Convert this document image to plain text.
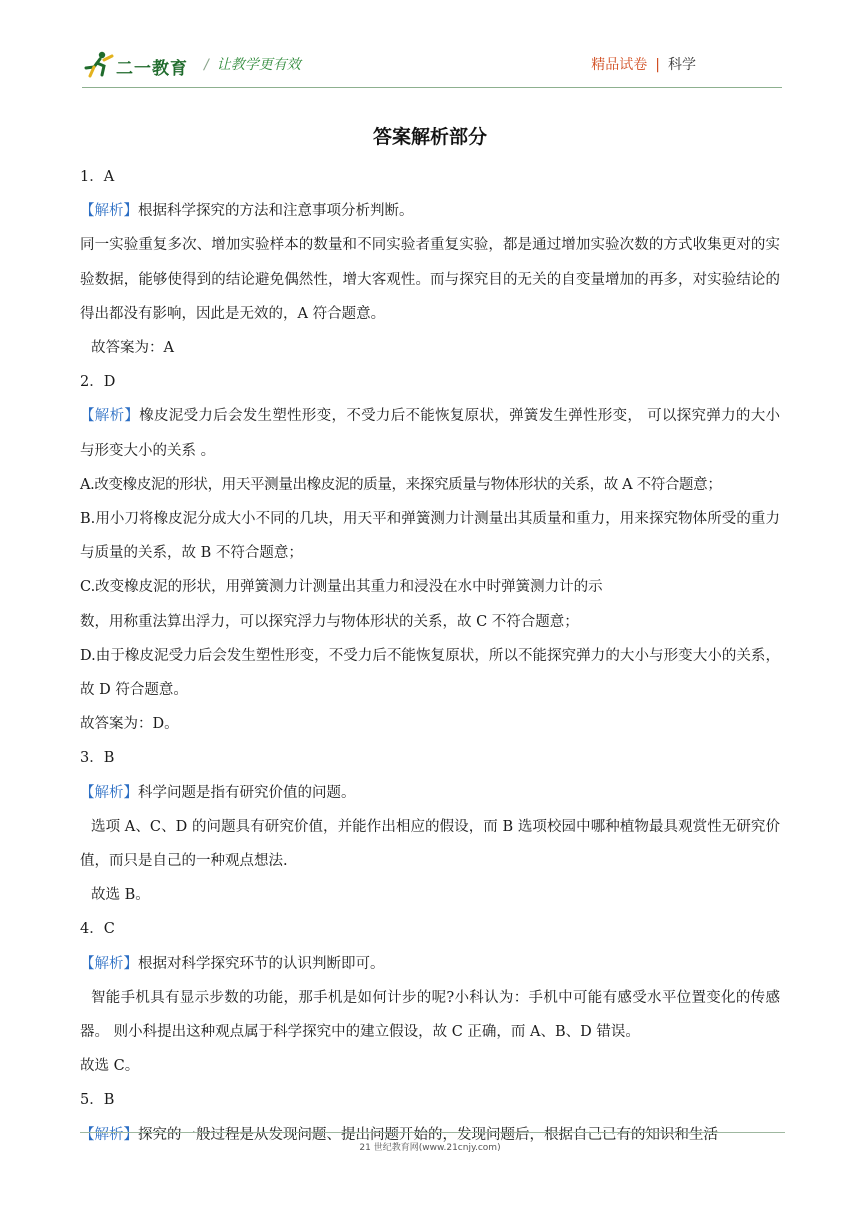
二一教育 / 让教学更有效	精品试卷 | 科学
答案解析部分
1．A
【解析】根据科学探究的方法和注意事项分析判断。
同一实验重复多次、增加实验样本的数量和不同实验者重复实验，都是通过增加实验次数的方式收集更对的实验数据，能够使得到的结论避免偶然性，增大客观性。而与探究目的无关的自变量增加的再多，对实验结论的得出都没有影响，因此是无效的，A 符合题意。
故答案为：A
2．D
【解析】橡皮泥受力后会发生塑性形变，不受力后不能恢复原状，弹簧发生弹性形变， 可以探究弹力的大小与形变大小的关系 。
A.改变橡皮泥的形状，用天平测量出橡皮泥的质量，来探究质量与物体形状的关系，故 A 不符合题意；
B.用小刀将橡皮泥分成大小不同的几块，用天平和弹簧测力计测量出其质量和重力，用来探究物体所受的重力与质量的关系，故 B 不符合题意；
C.改变橡皮泥的形状，用弹簧测力计测量出其重力和浸没在水中时弹簧测力计的示
数，用称重法算出浮力，可以探究浮力与物体形状的关系，故 C 不符合题意；
D.由于橡皮泥受力后会发生塑性形变，不受力后不能恢复原状，所以不能探究弹力的大小与形变大小的关系，故 D 符合题意。
故答案为：D。
3．B
【解析】科学问题是指有研究价值的问题。
选项 A、C、D 的问题具有研究价值，并能作出相应的假设，而 B 选项校园中哪种植物最具观赏性无研究价值，而只是自己的一种观点想法.
故选 B。
4．C
【解析】根据对科学探究环节的认识判断即可。
智能手机具有显示步数的功能，那手机是如何计步的呢?小科认为：手机中可能有感受水平位置变化的传感器。 则小科提出这种观点属于科学探究中的建立假设，故 C 正确，而 A、B、D 错误。
故选 C。
5．B
【解析】探究的一般过程是从发现问题、提出问题开始的，发现问题后，根据自己已有的知识和生活
21 世纪教育网(www.21cnjy.com)
